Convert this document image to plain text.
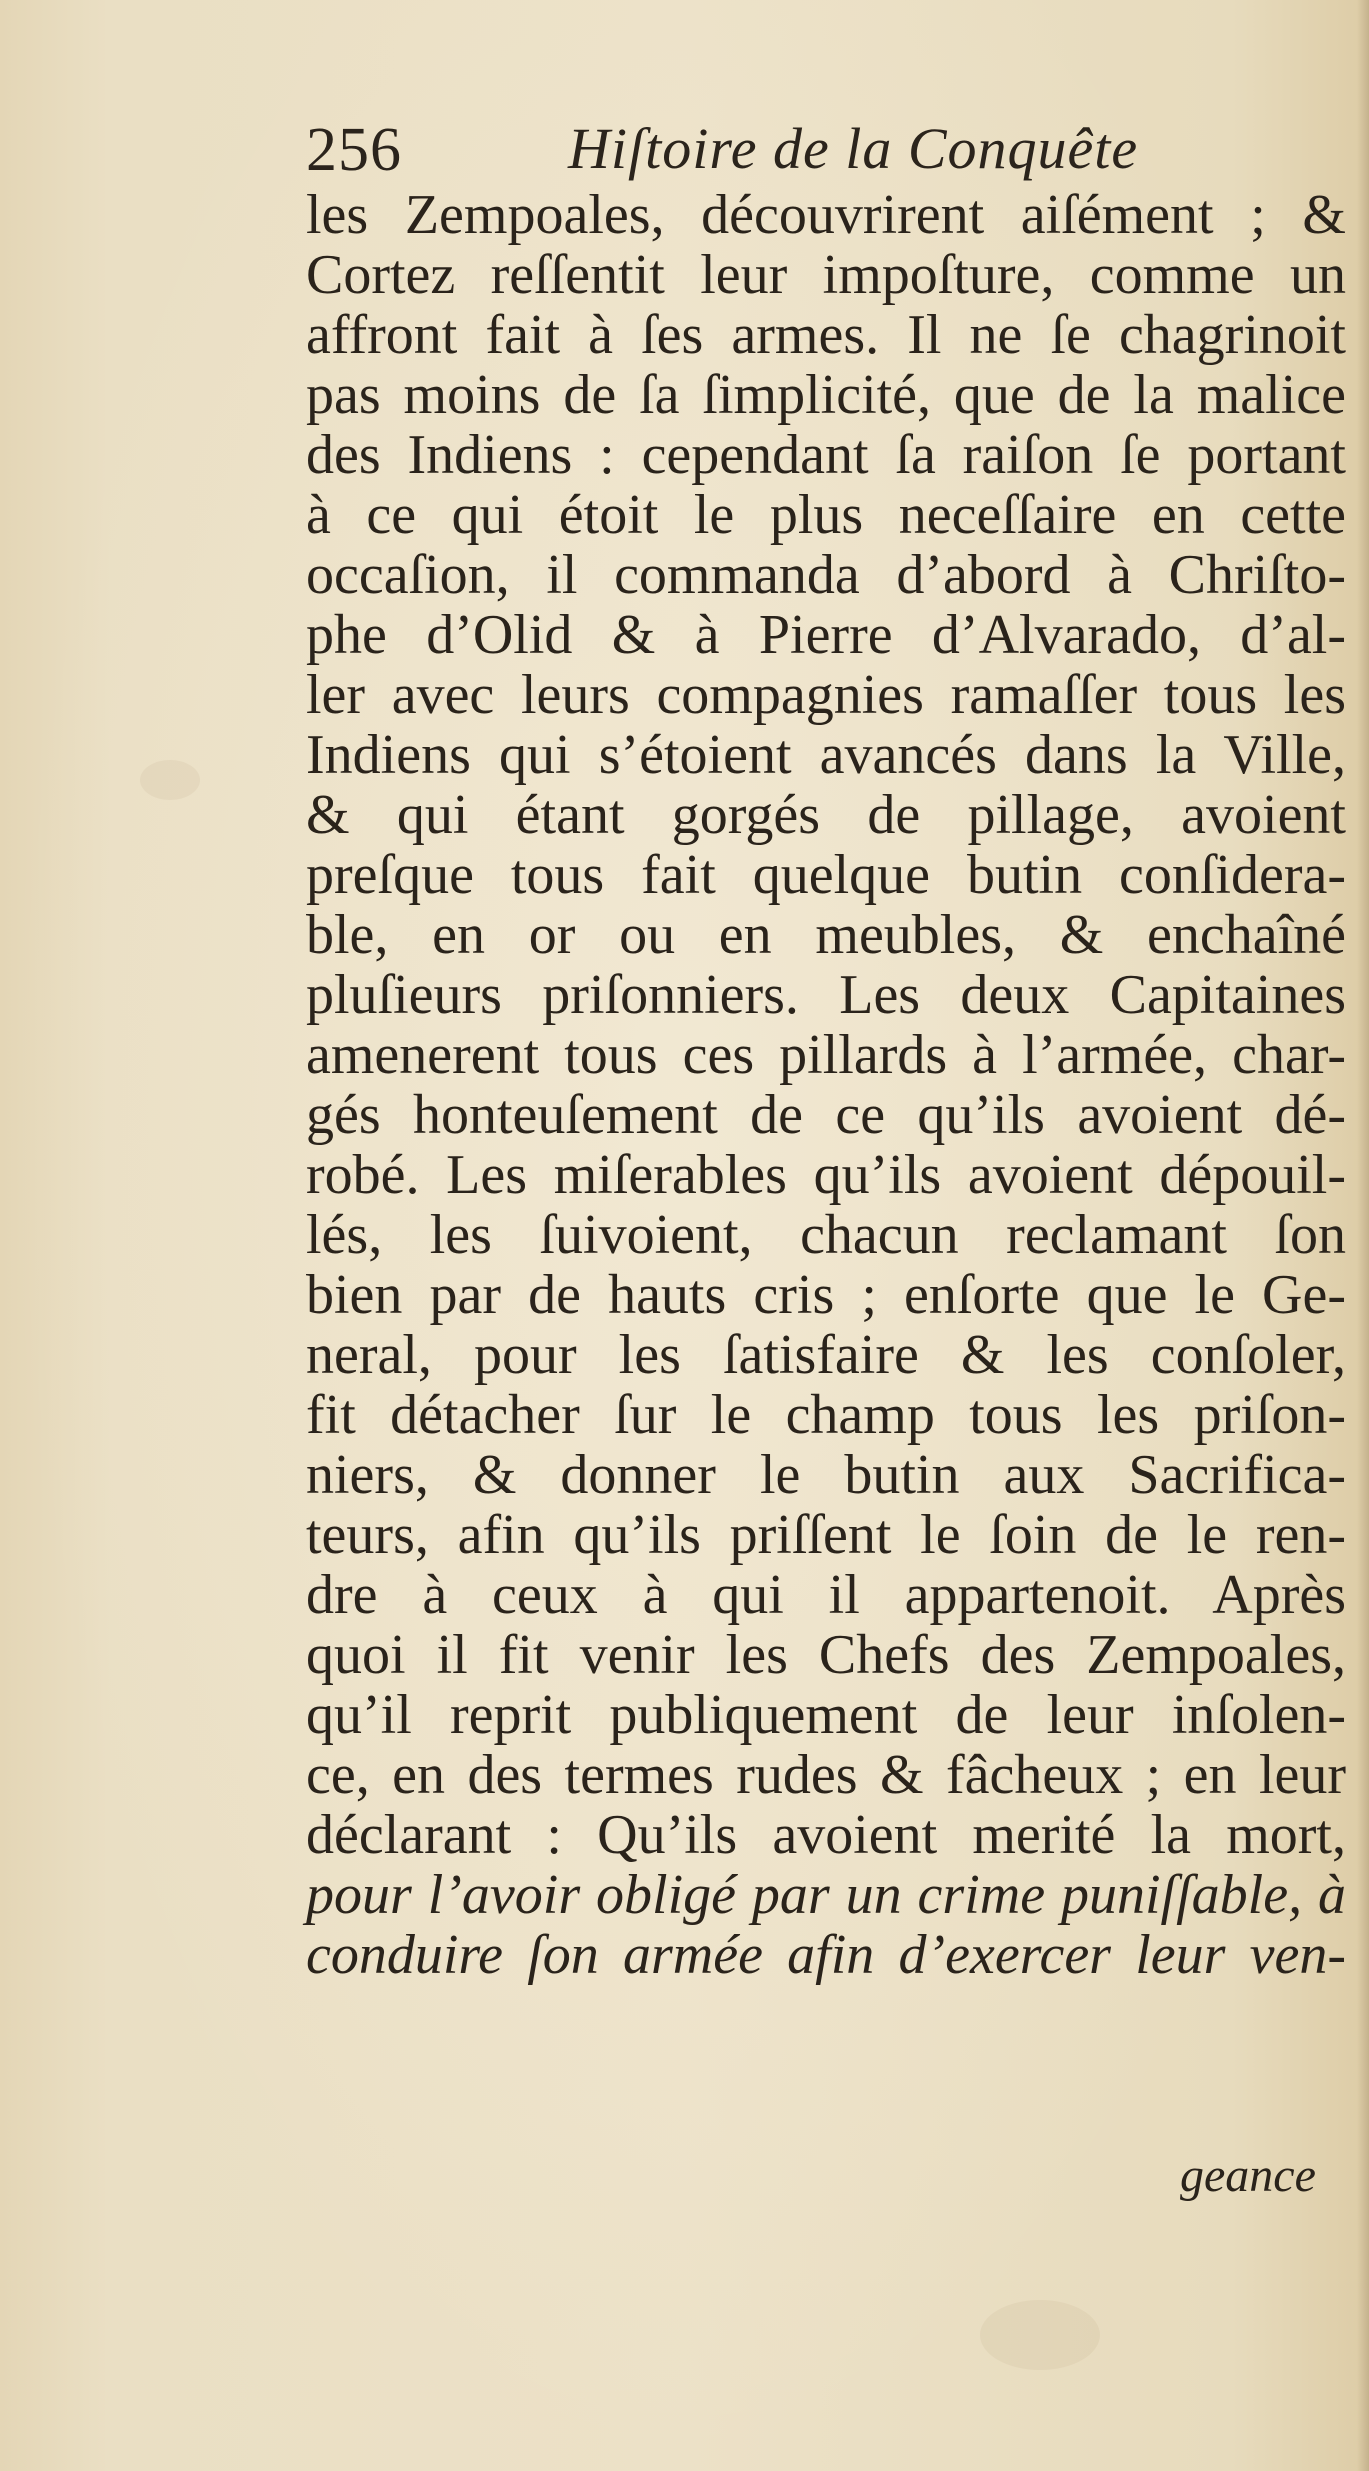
256	Hiſtoire de la Conquête
les Zempoales, découvrirent aiſément ; &
Cortez reſſentit leur impoſture, comme un
affront fait à ſes armes. Il ne ſe chagrinoit
pas moins de ſa ſimplicité, que de la malice
des Indiens : cependant ſa raiſon ſe portant
à ce qui étoit le plus neceſſaire en cette
occaſion, il commanda d’abord à Chriſto-
phe d’Olid & à Pierre d’Alvarado, d’al-
ler avec leurs compagnies ramaſſer tous les
Indiens qui s’étoient avancés dans la Ville,
& qui étant gorgés de pillage, avoient
preſque tous fait quelque butin conſidera-
ble, en or ou en meubles, & enchaîné
pluſieurs priſonniers. Les deux Capitaines
amenerent tous ces pillards à l’armée, char-
gés honteuſement de ce qu’ils avoient dé-
robé. Les miſerables qu’ils avoient dépouil-
lés, les ſuivoient, chacun reclamant ſon
bien par de hauts cris ; enſorte que le Ge-
neral, pour les ſatisfaire & les conſoler,
fit détacher ſur le champ tous les priſon-
niers, & donner le butin aux Sacrifica-
teurs, afin qu’ils priſſent le ſoin de le ren-
dre à ceux à qui il appartenoit. Après
quoi il fit venir les Chefs des Zempoales,
qu’il reprit publiquement de leur inſolen-
ce, en des termes rudes & fâcheux ; en leur
déclarant : Qu’ils avoient merité la mort,
pour l’avoir obligé par un crime puniſſable, à
conduire ſon armée afin d’exercer leur ven-
geance
